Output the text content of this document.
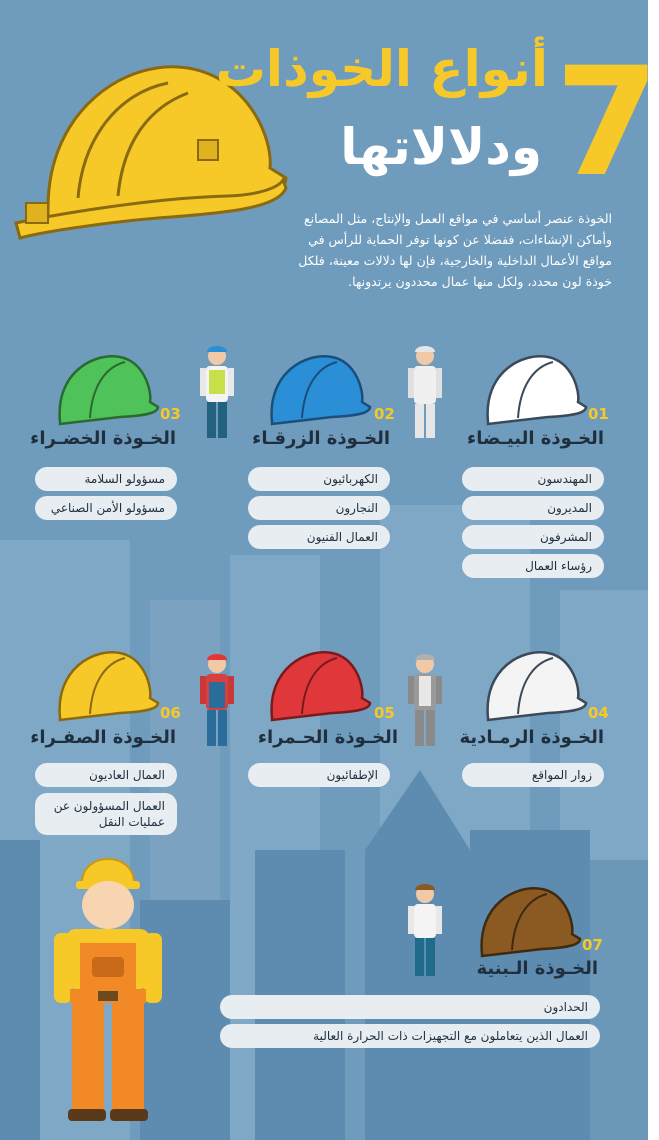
7
أنواع الخوذات
ودلالاتها
الخوذة عنصر أساسي في مواقع العمل والإنتاج، مثل المصانع وأماكن الإنشاءات، ففضلا عن كونها توفر الحماية للرأس في مواقع الأعمال الداخلية والخارجية، فإن لها دلالات معينة، فلكل خوذة لون محدد، ولكل منها عمال محددون يرتدونها.
01
الخـوذة البيـضاء
المهندسون
المديرون
المشرفون
رؤساء العمال
02
الخـوذة الزرقـاء
الكهربائيون
النجارون
العمال الفنيون
03
الخـوذة الخضـراء
مسؤولو السلامة
مسؤولو الأمن الصناعي
04
الخـوذة الرمـادية
زوار المواقع
05
الخـوذة الحـمراء
الإطفائيون
06
الخـوذة الصفـراء
العمال العاديون
العمال المسؤولون عن عمليات النقل
07
الخـوذة الـبنية
الحدادون
العمال الذين يتعاملون مع التجهيزات ذات الحرارة العالية
